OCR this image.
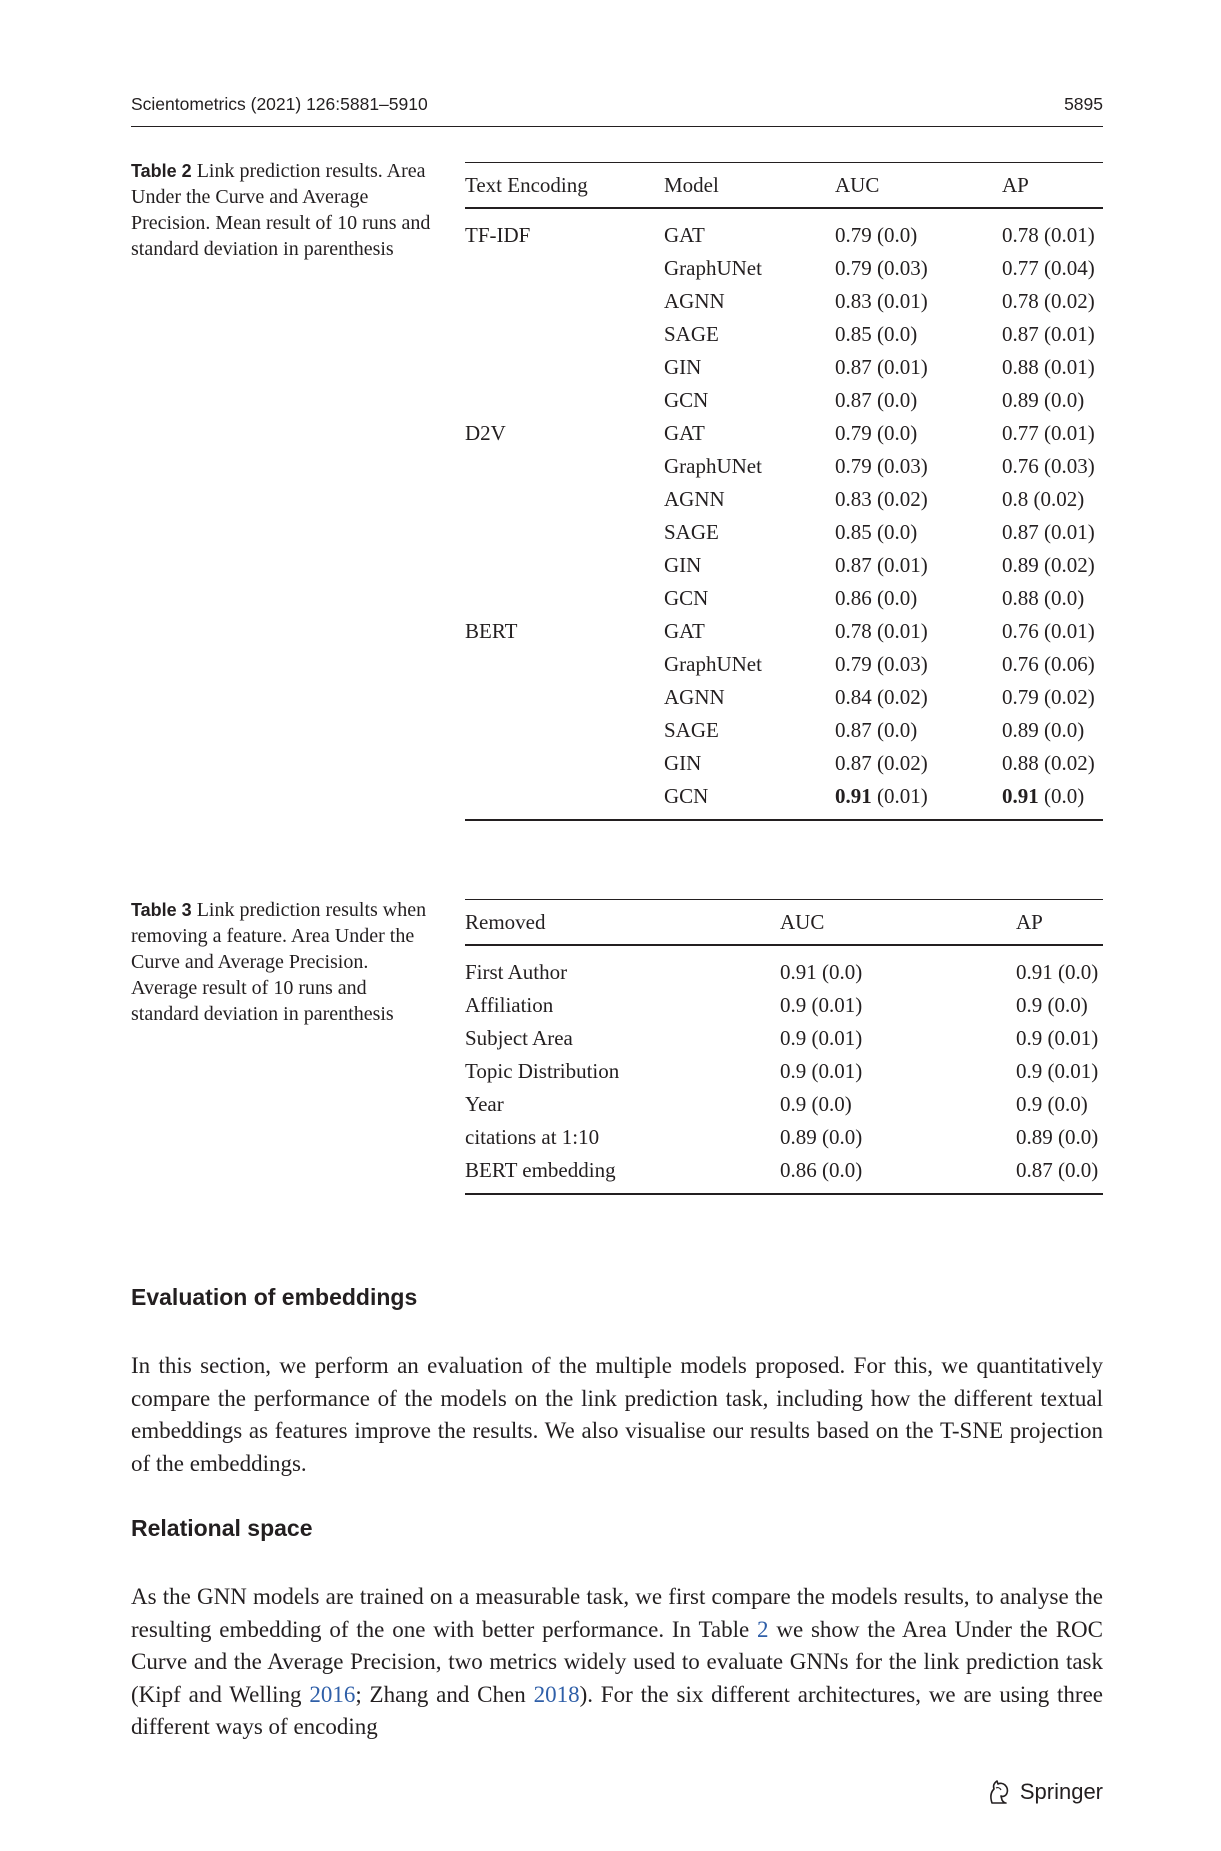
Scientometrics (2021) 126:5881–5910	5895
Table 2 Link prediction results. Area Under the Curve and Average Precision. Mean result of 10 runs and standard deviation in parenthesis
Text Encoding	Model	AUC	AP
TF-IDF	GAT	0.79 (0.0)	0.78 (0.01)
	GraphUNet	0.79 (0.03)	0.77 (0.04)
	AGNN	0.83 (0.01)	0.78 (0.02)
	SAGE	0.85 (0.0)	0.87 (0.01)
	GIN	0.87 (0.01)	0.88 (0.01)
	GCN	0.87 (0.0)	0.89 (0.0)
D2V	GAT	0.79 (0.0)	0.77 (0.01)
	GraphUNet	0.79 (0.03)	0.76 (0.03)
	AGNN	0.83 (0.02)	0.8 (0.02)
	SAGE	0.85 (0.0)	0.87 (0.01)
	GIN	0.87 (0.01)	0.89 (0.02)
	GCN	0.86 (0.0)	0.88 (0.0)
BERT	GAT	0.78 (0.01)	0.76 (0.01)
	GraphUNet	0.79 (0.03)	0.76 (0.06)
	AGNN	0.84 (0.02)	0.79 (0.02)
	SAGE	0.87 (0.0)	0.89 (0.0)
	GIN	0.87 (0.02)	0.88 (0.02)
	GCN	0.91 (0.01)	0.91 (0.0)
Table 3 Link prediction results when removing a feature. Area Under the Curve and Average Precision. Average result of 10 runs and standard deviation in parenthesis
Removed	AUC	AP
First Author	0.91 (0.0)	0.91 (0.0)
Affiliation	0.9 (0.01)	0.9 (0.0)
Subject Area	0.9 (0.01)	0.9 (0.01)
Topic Distribution	0.9 (0.01)	0.9 (0.01)
Year	0.9 (0.0)	0.9 (0.0)
citations at 1:10	0.89 (0.0)	0.89 (0.0)
BERT embedding	0.86 (0.0)	0.87 (0.0)
Evaluation of embeddings

In this section, we perform an evaluation of the multiple models proposed. For this, we quantitatively compare the performance of the models on the link prediction task, including how the different textual embeddings as features improve the results. We also visualise our results based on the T-SNE projection of the embeddings.

Relational space

As the GNN models are trained on a measurable task, we first compare the models results, to analyse the resulting embedding of the one with better performance. In Table 2 we show the Area Under the ROC Curve and the Average Precision, two metrics widely used to evaluate GNNs for the link prediction task (Kipf and Welling 2016; Zhang and Chen 2018). For the six different architectures, we are using three different ways of encoding

Springer
